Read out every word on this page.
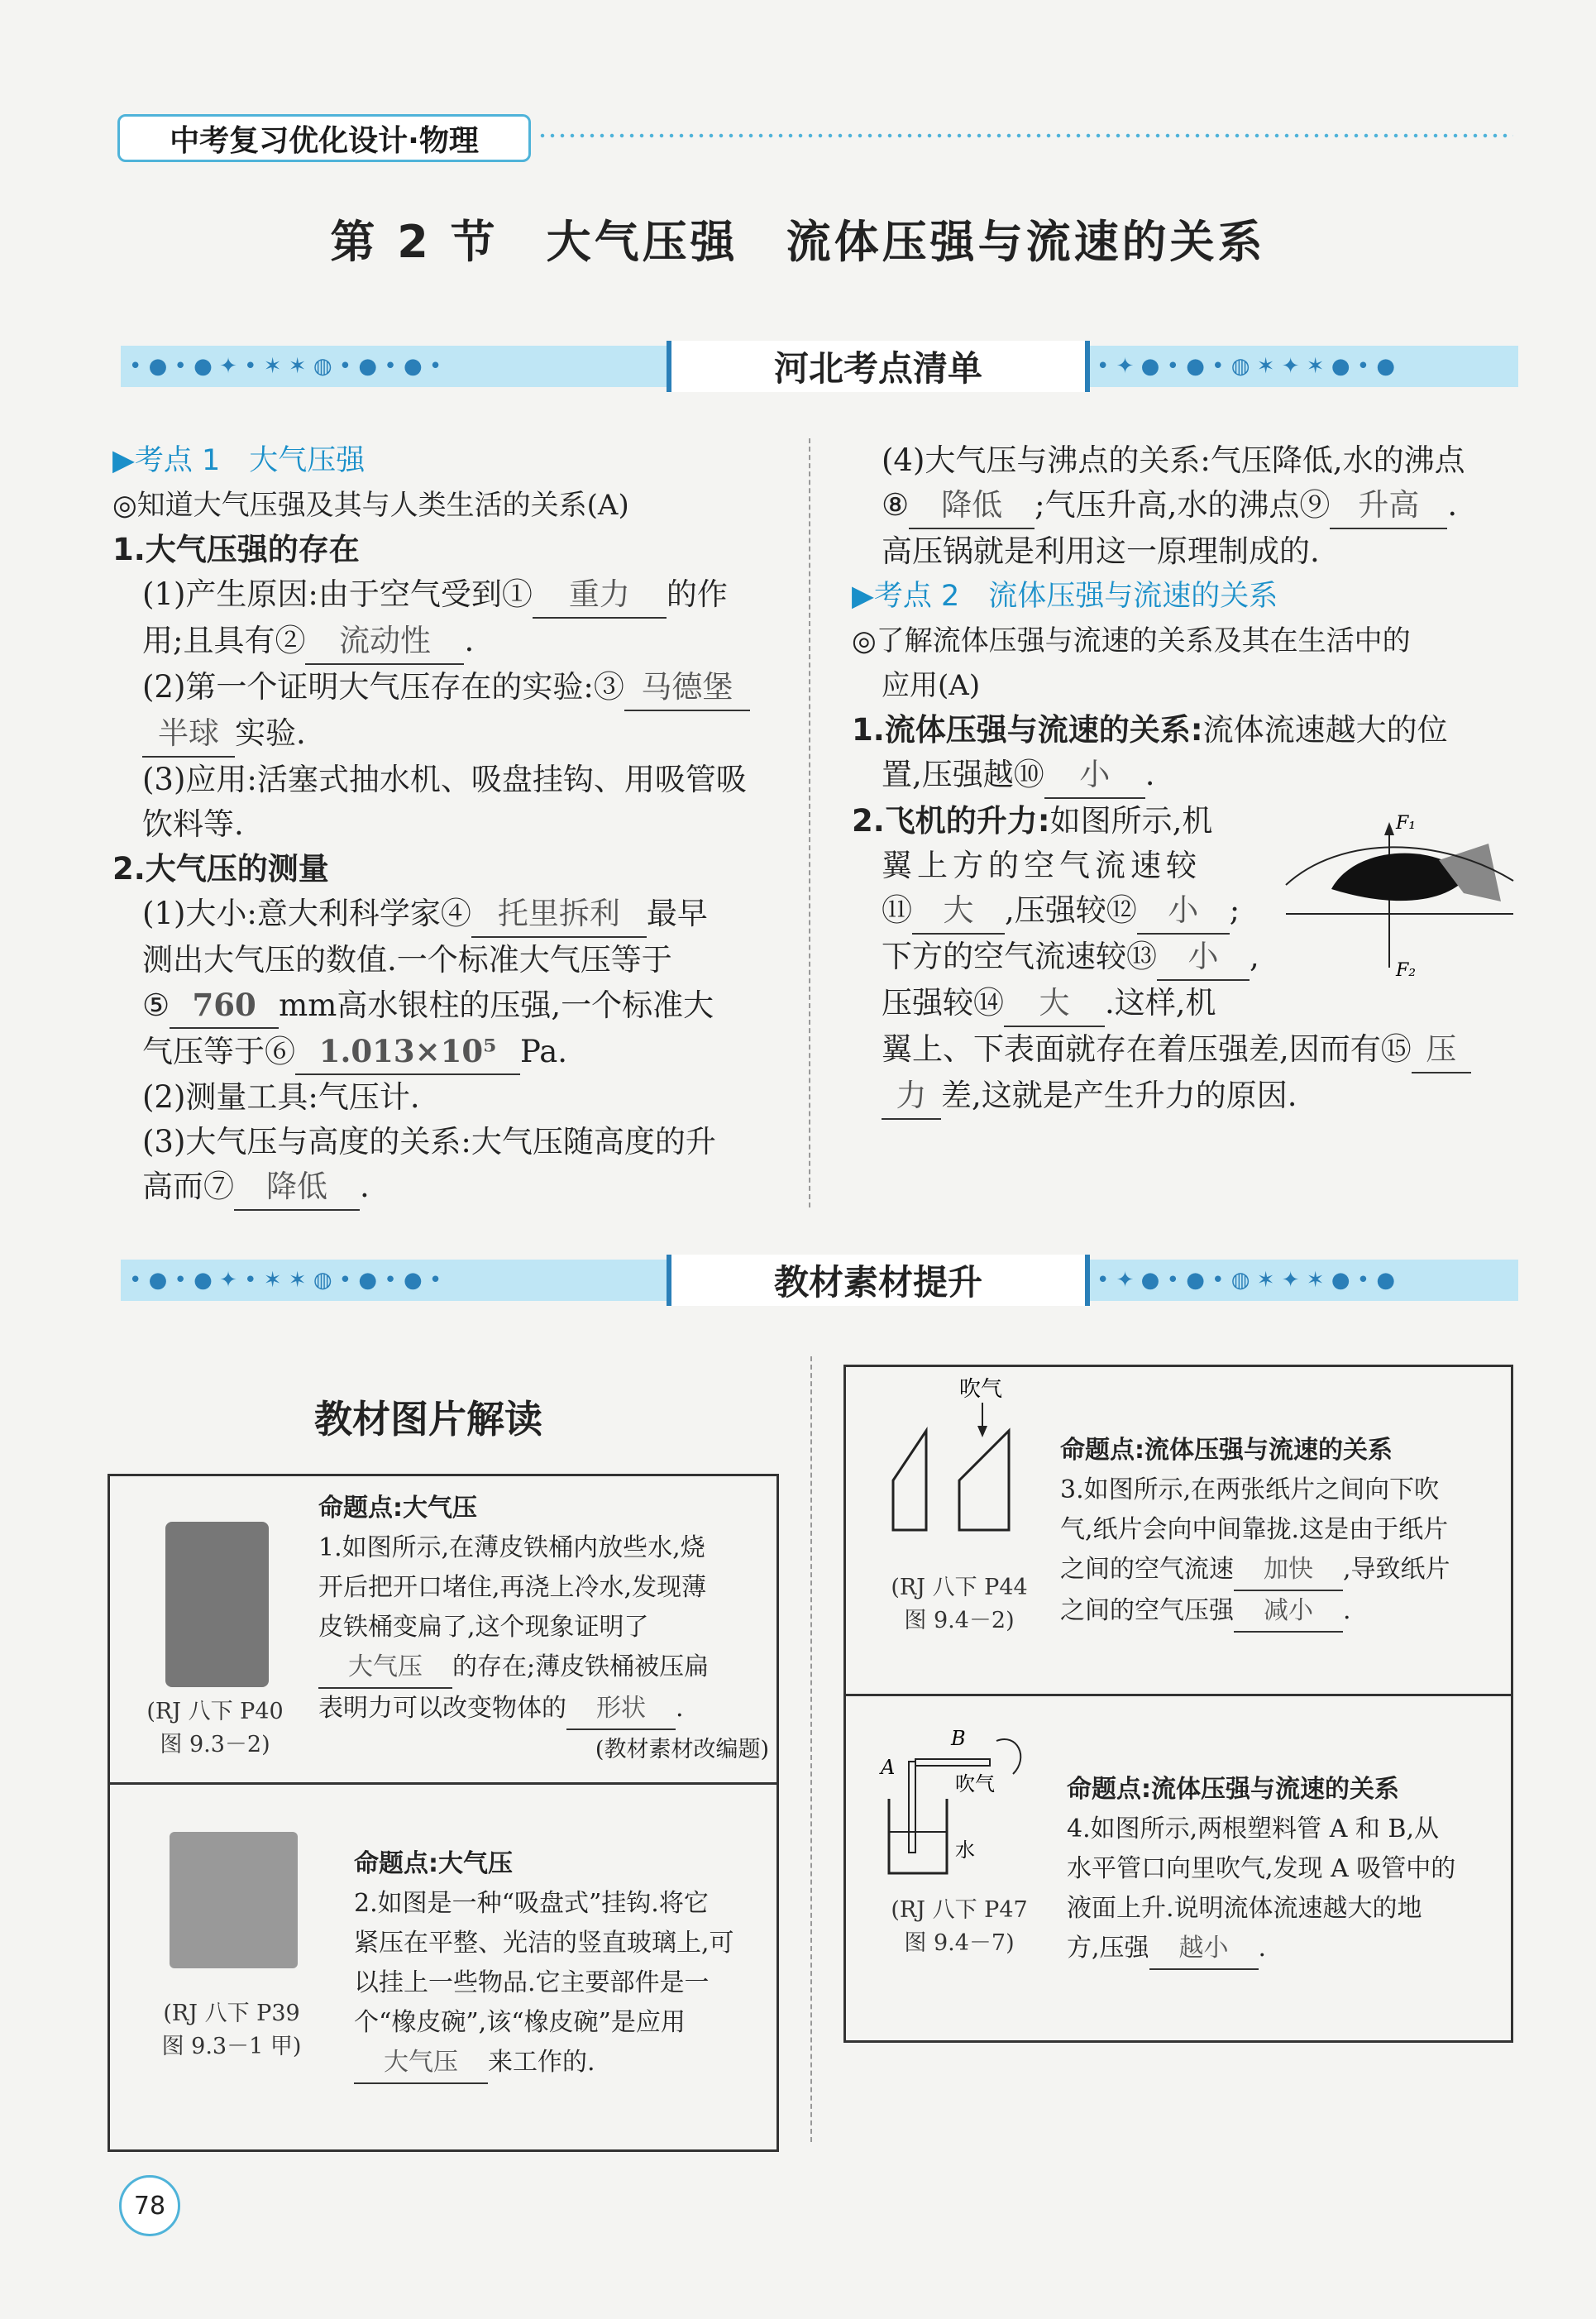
中考复习优化设计·物理
第 2 节　大气压强　流体压强与流速的关系
• ● • ● ✦ • ✶ ✶ ◍ • ● • ● •	河北考点清单	• ✦ ● • ● • ◍ ✶ ✦ ✶ ● • ●
▶考点 1　大气压强
◎知道大气压强及其与人类生活的关系(A)
1.大气压强的存在
(1)产生原因:由于空气受到① 重力 的作
用;且具有② 流动性 .
(2)第一个证明大气压存在的实验:③ 马德堡
半球 实验.
(3)应用:活塞式抽水机、吸盘挂钩、用吸管吸
饮料等.
2.大气压的测量
(1)大小:意大利科学家④ 托里拆利 最早
测出大气压的数值.一个标准大气压等于
⑤ 760 mm高水银柱的压强,一个标准大
气压等于⑥ 1.013×10⁵ Pa.
(2)测量工具:气压计.
(3)大气压与高度的关系:大气压随高度的升
高而⑦ 降低 .
(4)大气压与沸点的关系:气压降低,水的沸点
⑧ 降低 ;气压升高,水的沸点⑨ 升高 .
高压锅就是利用这一原理制成的.
▶考点 2　流体压强与流速的关系
◎了解流体压强与流速的关系及其在生活中的
应用(A)
1.流体压强与流速的关系:流体流速越大的位
置,压强越⑩ 小 .
2.飞机的升力:如图所示,机
翼上方的空气流速较
⑪ 大 ,压强较⑫ 小 ;
下方的空气流速较⑬ 小 ,
压强较⑭ 大 .这样,机
翼上、下表面就存在着压强差,因而有⑮ 压
力 差,这就是产生升力的原因.
F₁
F₂
• ● • ● ✦ • ✶ ✶ ◍ • ● • ● •	教材素材提升	• ✦ ● • ● • ◍ ✶ ✦ ✶ ● • ●
教材图片解读
(RJ 八下 P40
图 9.3－2)
命题点:大气压
1.如图所示,在薄皮铁桶内放些水,烧
开后把开口堵住,再浇上冷水,发现薄
皮铁桶变扁了,这个现象证明了
大气压 的存在;薄皮铁桶被压扁
表明力可以改变物体的 形状 .
(教材素材改编题)
(RJ 八下 P39
图 9.3－1 甲)
命题点:大气压
2.如图是一种“吸盘式”挂钩.将它
紧压在平整、光洁的竖直玻璃上,可
以挂上一些物品.它主要部件是一
个“橡皮碗”,该“橡皮碗”是应用
大气压 来工作的.
吹气
(RJ 八下 P44
图 9.4－2)
命题点:流体压强与流速的关系
3.如图所示,在两张纸片之间向下吹
气,纸片会向中间靠拢.这是由于纸片
之间的空气流速 加快 ,导致纸片
之间的空气压强 减小 .
A
B
吹气
水
(RJ 八下 P47
图 9.4－7)
命题点:流体压强与流速的关系
4.如图所示,两根塑料管 A 和 B,从
水平管口向里吹气,发现 A 吸管中的
液面上升.说明流体流速越大的地
方,压强 越小 .
78
